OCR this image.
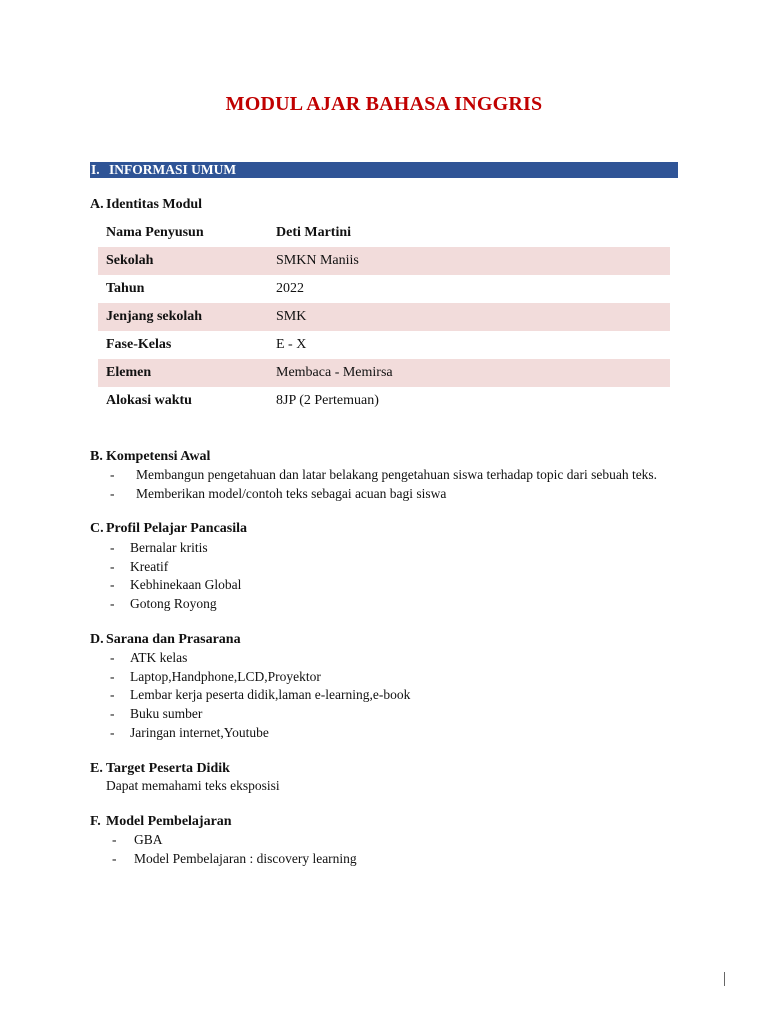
MODUL AJAR BAHASA INGGRIS
I. INFORMASI UMUM
A. Identitas Modul
Nama Penyusun	Deti Martini
Sekolah	SMKN Maniis
Tahun	2022
Jenjang sekolah	SMK
Fase-Kelas	E - X
Elemen	Membaca - Memirsa
Alokasi waktu	8JP (2 Pertemuan)
B. Kompetensi Awal
-	Membangun pengetahuan dan latar belakang pengetahuan siswa terhadap topic dari sebuah teks.
-	Memberikan model/contoh teks sebagai acuan bagi siswa
C. Profil Pelajar Pancasila
-	Bernalar kritis
-	Kreatif
-	Kebhinekaan Global
-	Gotong Royong
D. Sarana dan Prasarana
-	ATK kelas
-	Laptop,Handphone,LCD,Proyektor
-	Lembar kerja peserta didik,laman e-learning,e-book
-	Buku sumber
-	Jaringan internet,Youtube
E. Target Peserta Didik
Dapat memahami teks eksposisi
F. Model Pembelajaran
-	GBA
-	Model Pembelajaran : discovery learning
